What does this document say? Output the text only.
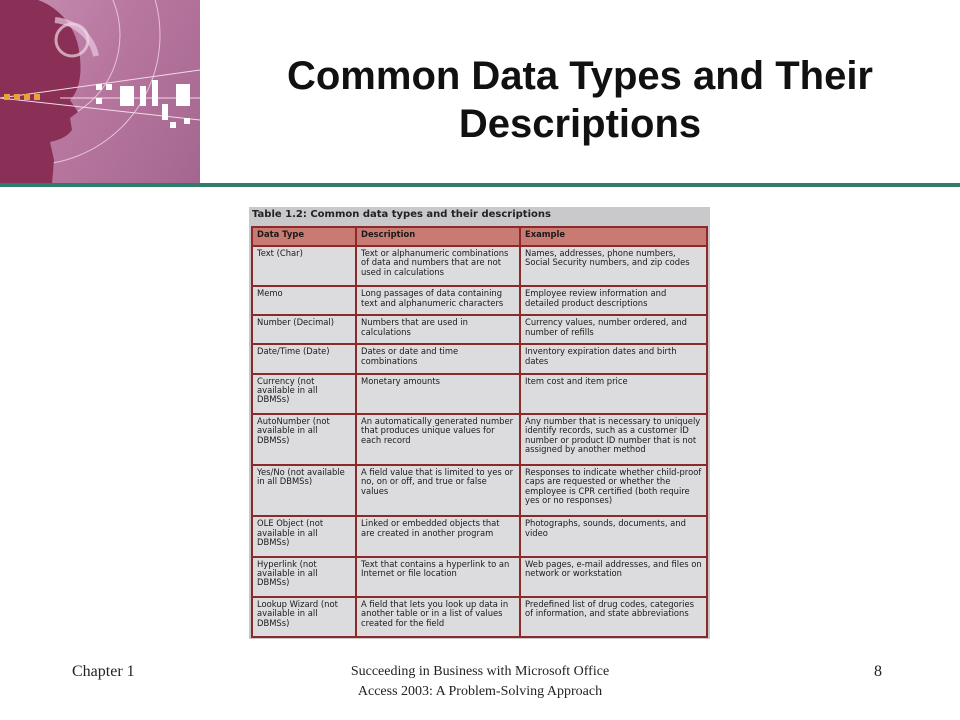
Common Data Types and Their Descriptions
Table 1.2: Common data types and their descriptions
Data Type	Description	Example
Text (Char)	Text or alphanumeric combinations of data and numbers that are not used in calculations	Names, addresses, phone numbers, Social Security numbers, and zip codes
Memo	Long passages of data containing text and alphanumeric characters	Employee review information and detailed product descriptions
Number (Decimal)	Numbers that are used in calculations	Currency values, number ordered, and number of refills
Date/Time (Date)	Dates or date and time combinations	Inventory expiration dates and birth dates
Currency (not available in all DBMSs)	Monetary amounts	Item cost and item price
AutoNumber (not available in all DBMSs)	An automatically generated number that produces unique values for each record	Any number that is necessary to uniquely identify records, such as a customer ID number or product ID number that is not assigned by another method
Yes/No (not available in all DBMSs)	A field value that is limited to yes or no, on or off, and true or false values	Responses to indicate whether child-proof caps are requested or whether the employee is CPR certified (both require yes or no responses)
OLE Object (not available in all DBMSs)	Linked or embedded objects that are created in another program	Photographs, sounds, documents, and video
Hyperlink (not available in all DBMSs)	Text that contains a hyperlink to an Internet or file location	Web pages, e-mail addresses, and files on network or workstation
Lookup Wizard (not available in all DBMSs)	A field that lets you look up data in another table or in a list of values created for the field	Predefined list of drug codes, categories of information, and state abbreviations
Chapter 1	Succeeding in Business with Microsoft Office
Access 2003: A Problem-Solving Approach
8
